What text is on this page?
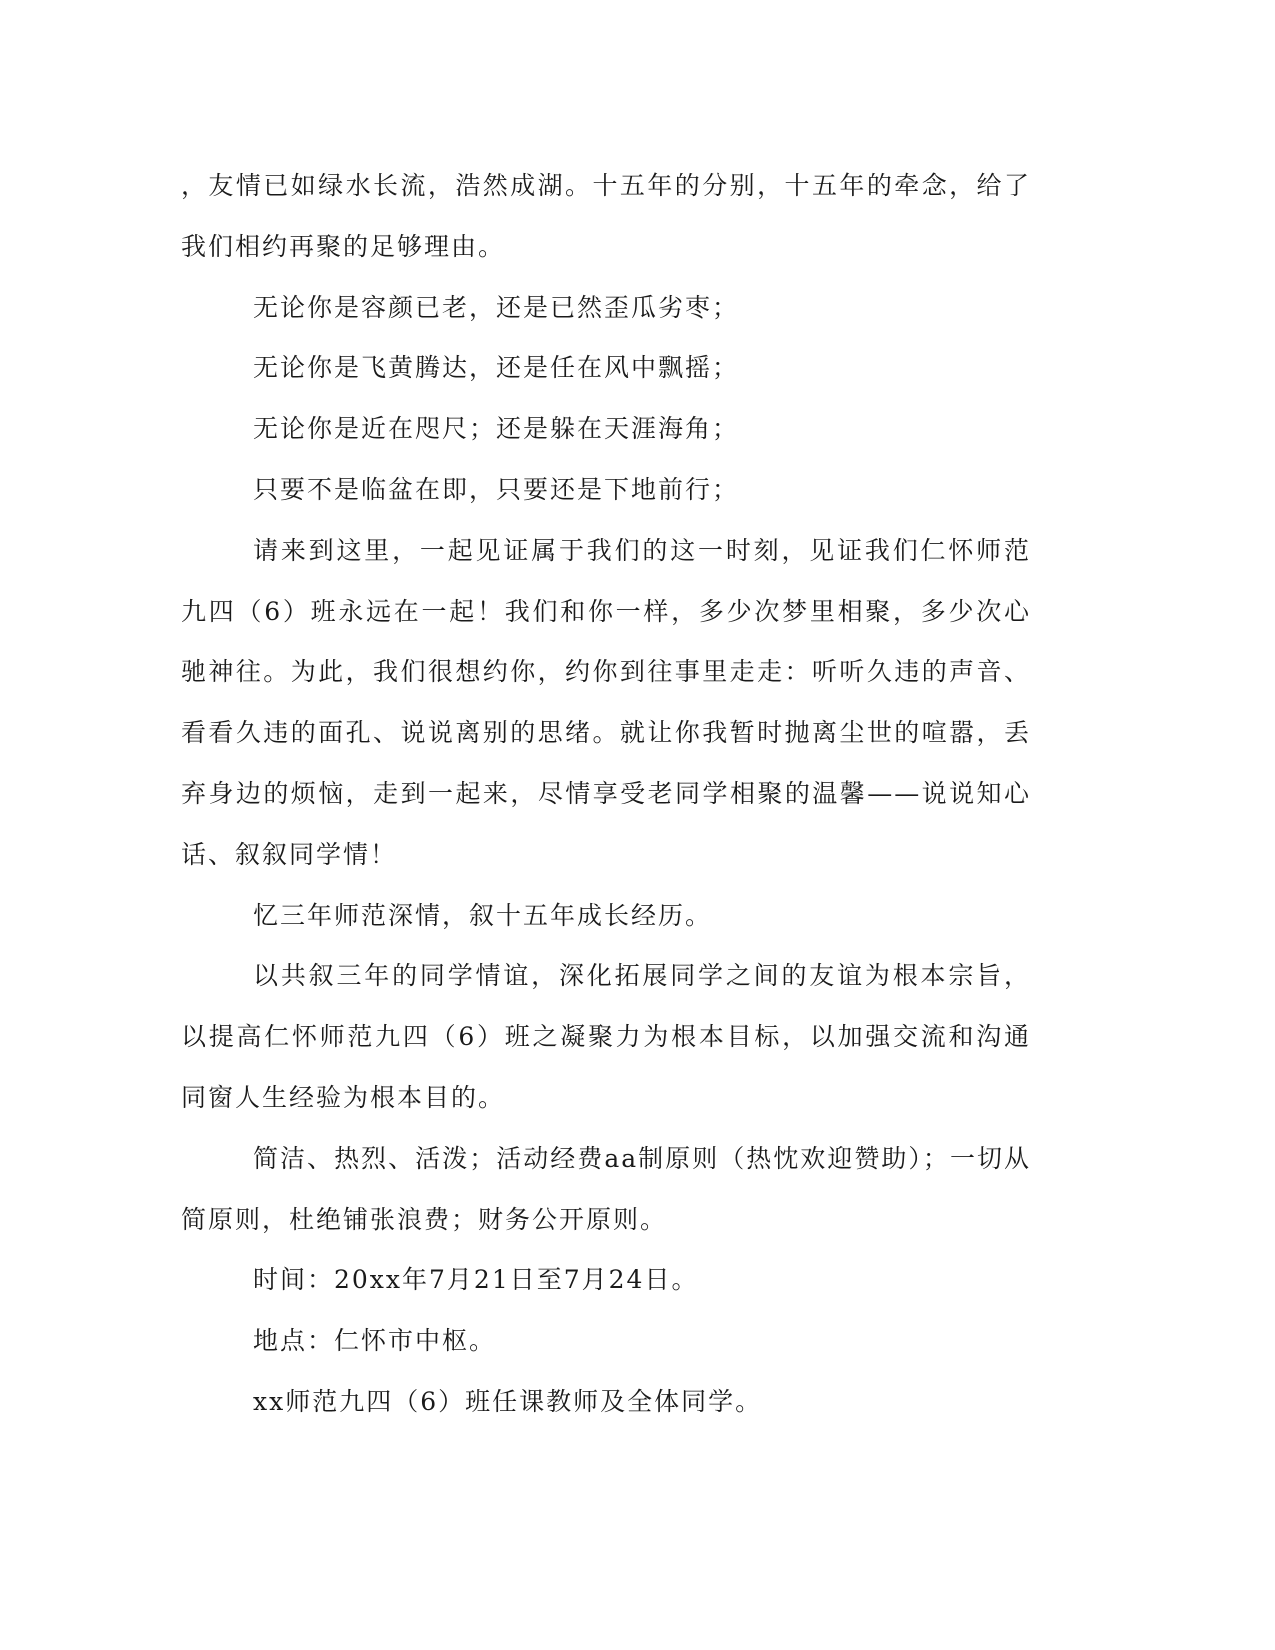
，友情已如绿水长流，浩然成湖。十五年的分别，十五年的牵念，给了我们相约再聚的足够理由。

无论你是容颜已老，还是已然歪瓜劣枣；

无论你是飞黄腾达，还是任在风中飘摇；

无论你是近在咫尺；还是躲在天涯海角；

只要不是临盆在即，只要还是下地前行；

请来到这里，一起见证属于我们的这一时刻，见证我们仁怀师范九四（6）班永远在一起！我们和你一样，多少次梦里相聚，多少次心驰神往。为此，我们很想约你，约你到往事里走走：听听久违的声音、看看久违的面孔、说说离别的思绪。就让你我暂时抛离尘世的喧嚣，丢弃身边的烦恼，走到一起来，尽情享受老同学相聚的温馨——说说知心话、叙叙同学情！

忆三年师范深情，叙十五年成长经历。

以共叙三年的同学情谊，深化拓展同学之间的友谊为根本宗旨，以提高仁怀师范九四（6）班之凝聚力为根本目标，以加强交流和沟通同窗人生经验为根本目的。

简洁、热烈、活泼；活动经费aa制原则（热忱欢迎赞助）；一切从简原则，杜绝铺张浪费；财务公开原则。

时间：20xx年7月21日至7月24日。

地点：仁怀市中枢。

xx师范九四（6）班任课教师及全体同学。
